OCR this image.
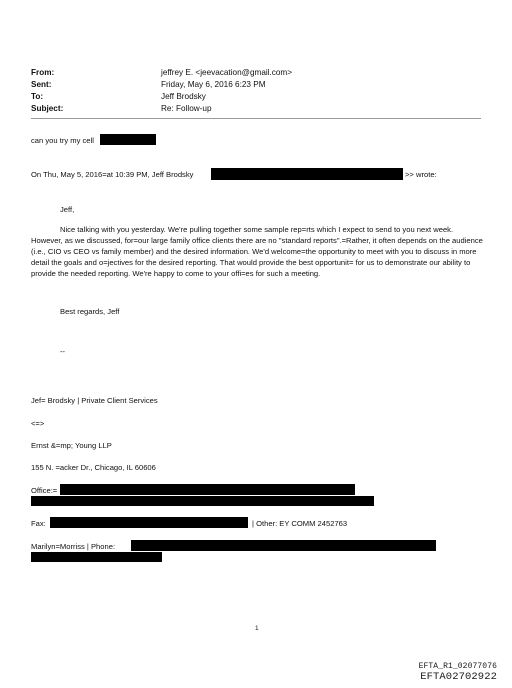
From:	jeffrey E. <jeevacation@gmail.com>
Sent:	Friday, May 6, 2016 6:23 PM
To:	Jeff Brodsky
Subject:	Re: Follow-up
can you try my cell
On Thu, May 5, 2016=at 10:39 PM, Jeff Brodsky	>> wrote:
Jeff,
Nice talking with you yesterday. We're pulling together some sample rep=rts which I expect to send to you next week. However, as we discussed, for=our large family office clients there are no "standard reports".=Rather, it often depends on the audience (i.e., CIO vs CEO vs family member) and the desired information. We'd welcome=the opportunity to meet with you to discuss in more detail the goals and o=jectives for the desired reporting. That would provide the best opportunit= for us to demonstrate our ability to provide the needed reporting. We're happy to come to your offi=es for such a meeting.
Best regards, Jeff
--
Jef= Brodsky | Private Client Services
<=>
Ernst &=mp; Young LLP
155 N. =acker Dr., Chicago, IL 60606
Office:=
Fax:	| Other: EY COMM 2452763
Marilyn=Morriss | Phone:
1
EFTA_R1_02077076
EFTA02702922
